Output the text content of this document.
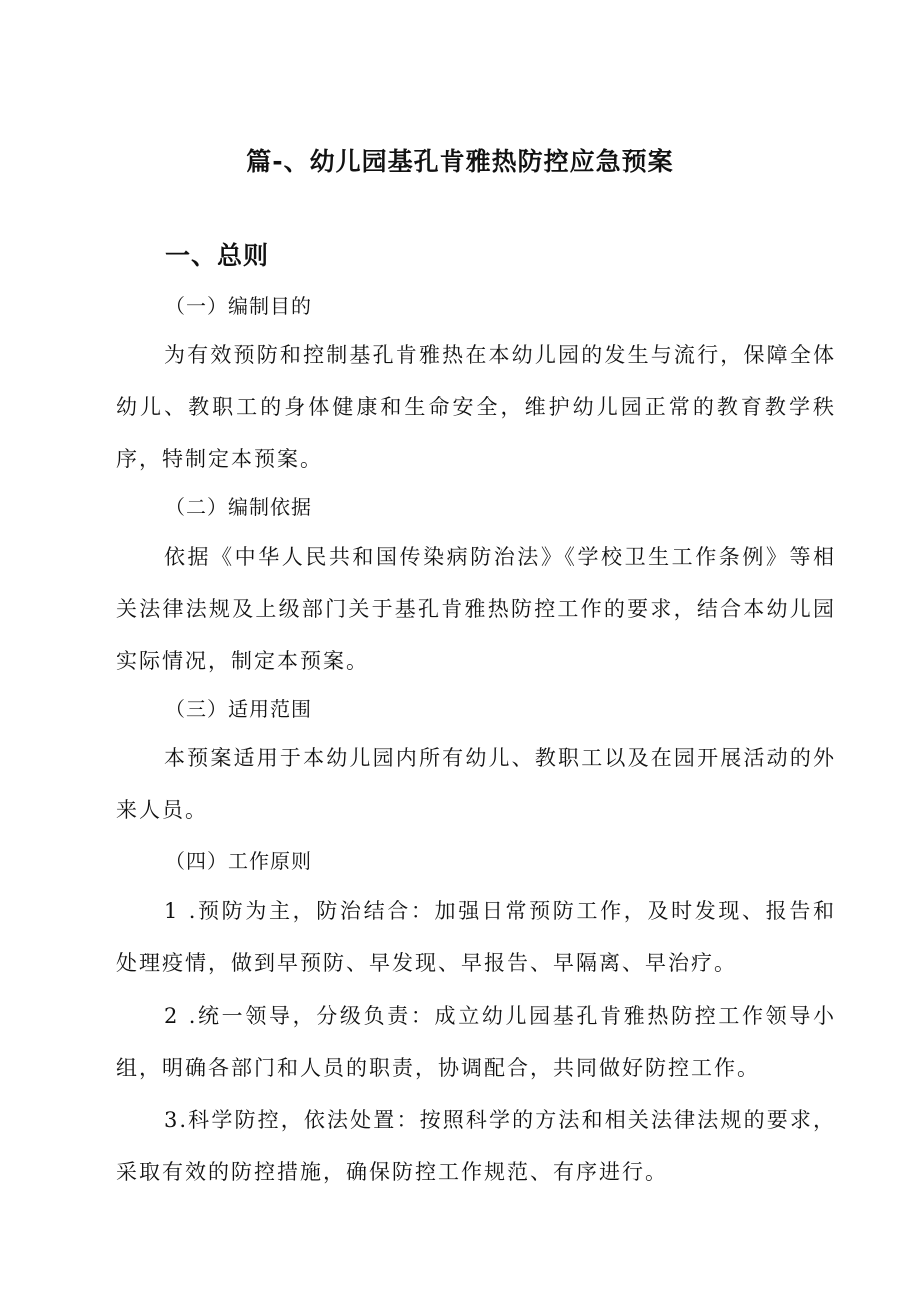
篇-、幼儿园基孔肯雅热防控应急预案
一、总则
（一）编制目的
为有效预防和控制基孔肯雅热在本幼儿园的发生与流行，保障全体幼儿、教职工的身体健康和生命安全，维护幼儿园正常的教育教学秩序，特制定本预案。
（二）编制依据
依据《中华人民共和国传染病防治法》《学校卫生工作条例》等相关法律法规及上级部门关于基孔肯雅热防控工作的要求，结合本幼儿园实际情况，制定本预案。
（三）适用范围
本预案适用于本幼儿园内所有幼儿、教职工以及在园开展活动的外来人员。
（四）工作原则
1 .预防为主，防治结合：加强日常预防工作，及时发现、报告和处理疫情，做到早预防、早发现、早报告、早隔离、早治疗。
2 .统一领导，分级负责：成立幼儿园基孔肯雅热防控工作领导小组，明确各部门和人员的职责，协调配合，共同做好防控工作。
3.科学防控，依法处置：按照科学的方法和相关法律法规的要求，采取有效的防控措施，确保防控工作规范、有序进行。
